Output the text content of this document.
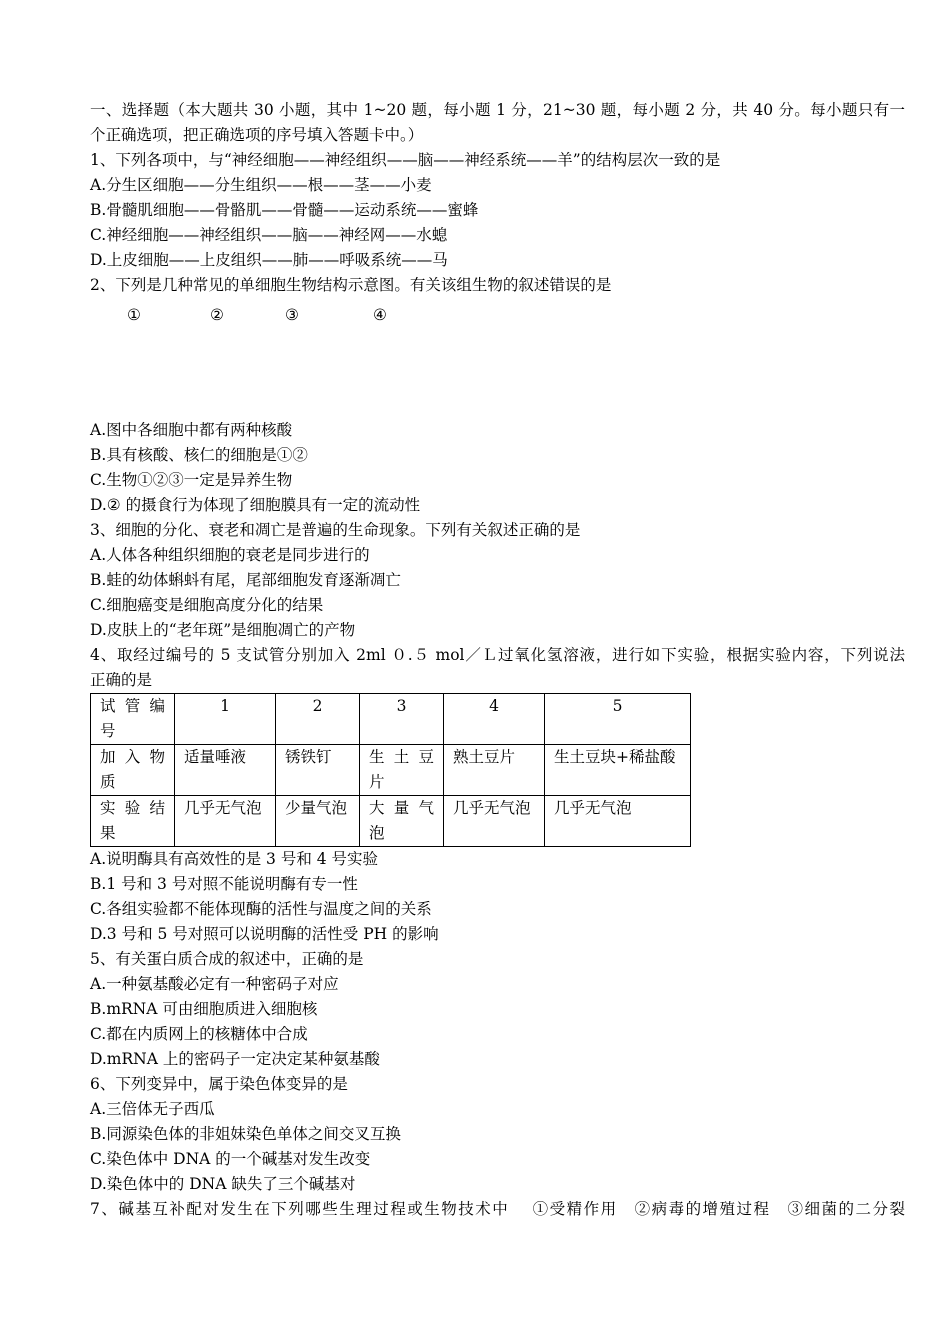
一、选择题（本大题共 30 小题，其中 1~20 题，每小题 1 分，21~30 题，每小题 2 分，共 40 分。每小题只有一
个正确选项，把正确选项的序号填入答题卡中。）
1、下列各项中，与“神经细胞——神经组织——脑——神经系统——羊”的结构层次一致的是
A.分生区细胞——分生组织——根——茎——小麦
B.骨髓肌细胞——骨骼肌——骨髓——运动系统——蜜蜂
C.神经细胞——神经组织——脑——神经网——水螅
D.上皮细胞——上皮组织——肺——呼吸系统——马
2、下列是几种常见的单细胞生物结构示意图。有关该组生物的叙述错误的是
①	②	③	④
A.图中各细胞中都有两种核酸
B.具有核酸、核仁的细胞是①②
C.生物①②③一定是异养生物
D.② 的摄食行为体现了细胞膜具有一定的流动性
3、细胞的分化、衰老和凋亡是普遍的生命现象。下列有关叙述正确的是
A.人体各种组织细胞的衰老是同步进行的
B.蛙的幼体蝌蚪有尾，尾部细胞发育逐渐凋亡
C.细胞癌变是细胞高度分化的结果
D.皮肤上的“老年斑”是细胞凋亡的产物
4、取经过编号的 5 支试管分别加入 2ml ０.５ mol／Ｌ过氧化氢溶液，进行如下实验，根据实验内容，下列说法
正确的是
试 管 编 号	1	2	3	4	5
加 入 物 质	适量唾液	锈铁钉	生 土 豆 片	熟土豆片	生土豆块+稀盐酸
实 验 结 果	几乎无气泡	少量气泡	大 量 气 泡	几乎无气泡	几乎无气泡
A.说明酶具有高效性的是 3 号和 4 号实验
B.1 号和 3 号对照不能说明酶有专一性
C.各组实验都不能体现酶的活性与温度之间的关系
D.3 号和 5 号对照可以说明酶的活性受 PH 的影响
5、有关蛋白质合成的叙述中，正确的是
A.一种氨基酸必定有一种密码子对应
B.mRNA 可由细胞质进入细胞核
C.都在内质网上的核糖体中合成
D.mRNA 上的密码子一定决定某种氨基酸
6、下列变异中，属于染色体变异的是
A.三倍体无子西瓜
B.同源染色体的非姐妹染色单体之间交叉互换
C.染色体中 DNA 的一个碱基对发生改变
D.染色体中的 DNA 缺失了三个碱基对
7、碱基互补配对发生在下列哪些生理过程或生物技术中　 ①受精作用　②病毒的增殖过程　③细菌的二分裂
